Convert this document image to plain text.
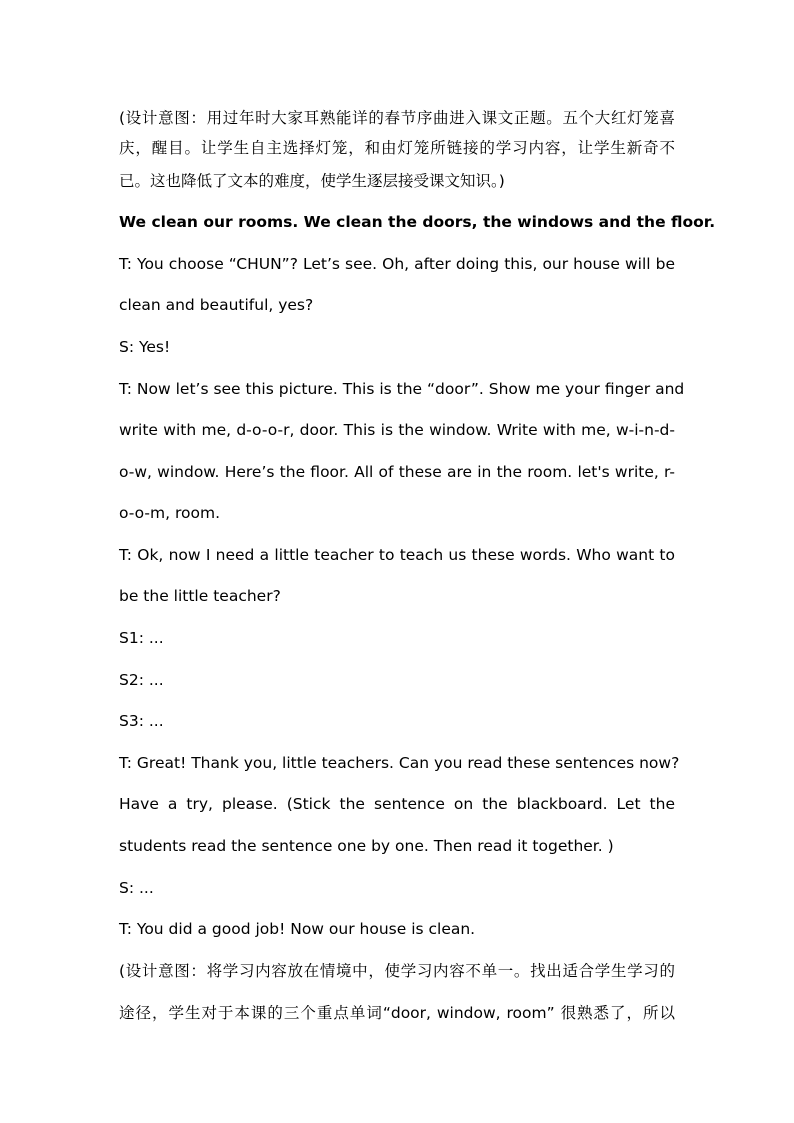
(设计意图：用过年时大家耳熟能详的春节序曲进入课文正题。五个大红灯笼喜
庆，醒目。让学生自主选择灯笼，和由灯笼所链接的学习内容，让学生新奇不
已。这也降低了文本的难度，使学生逐层接受课文知识。)
We clean our rooms. We clean the doors, the windows and the floor.
T: You choose “CHUN”? Let’s see. Oh, after doing this, our house will be
clean and beautiful, yes?
S: Yes!
T: Now let’s see this picture. This is the “door”. Show me your finger and
write with me, d-o-o-r, door. This is the window. Write with me, w-i-n-d-
o-w, window. Here’s the floor. All of these are in the room. let's write, r-
o-o-m, room.
T: Ok, now I need a little teacher to teach us these words. Who want to
be the little teacher?
S1: ...
S2: ...
S3: ...
T: Great! Thank you, little teachers. Can you read these sentences now?
Have a try, please. (Stick the sentence on the blackboard. Let the
students read the sentence one by one. Then read it together. )
S: ...
T: You did a good job! Now our house is clean.
(设计意图：将学习内容放在情境中，使学习内容不单一。找出适合学生学习的
途径，学生对于本课的三个重点单词“door, window, room” 很熟悉了，所以
